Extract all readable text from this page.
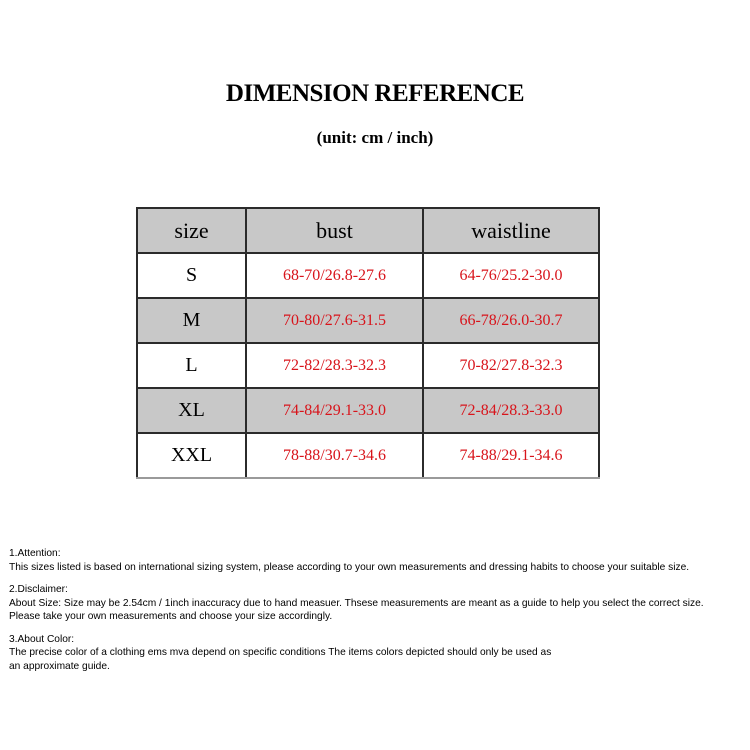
DIMENSION REFERENCE
(unit: cm / inch)
size	bust	waistline
S	68-70/26.8-27.6	64-76/25.2-30.0
M	70-80/27.6-31.5	66-78/26.0-30.7
L	72-82/28.3-32.3	70-82/27.8-32.3
XL	74-84/29.1-33.0	72-84/28.3-33.0
XXL	78-88/30.7-34.6	74-88/29.1-34.6
1.Attention:
This sizes listed is based on international sizing system, please according to your own measurements and dressing habits to choose your suitable size.
2.Disclaimer:
About Size: Size may be 2.54cm / 1inch inaccuracy due to hand measuer. Thsese measurements are meant as a guide to help you select the correct size.
Please take your own measurements and choose your size accordingly.
3.About Color:
The precise color of a clothing ems mva depend on specific conditions The items colors depicted should only be used as
an approximate guide.
